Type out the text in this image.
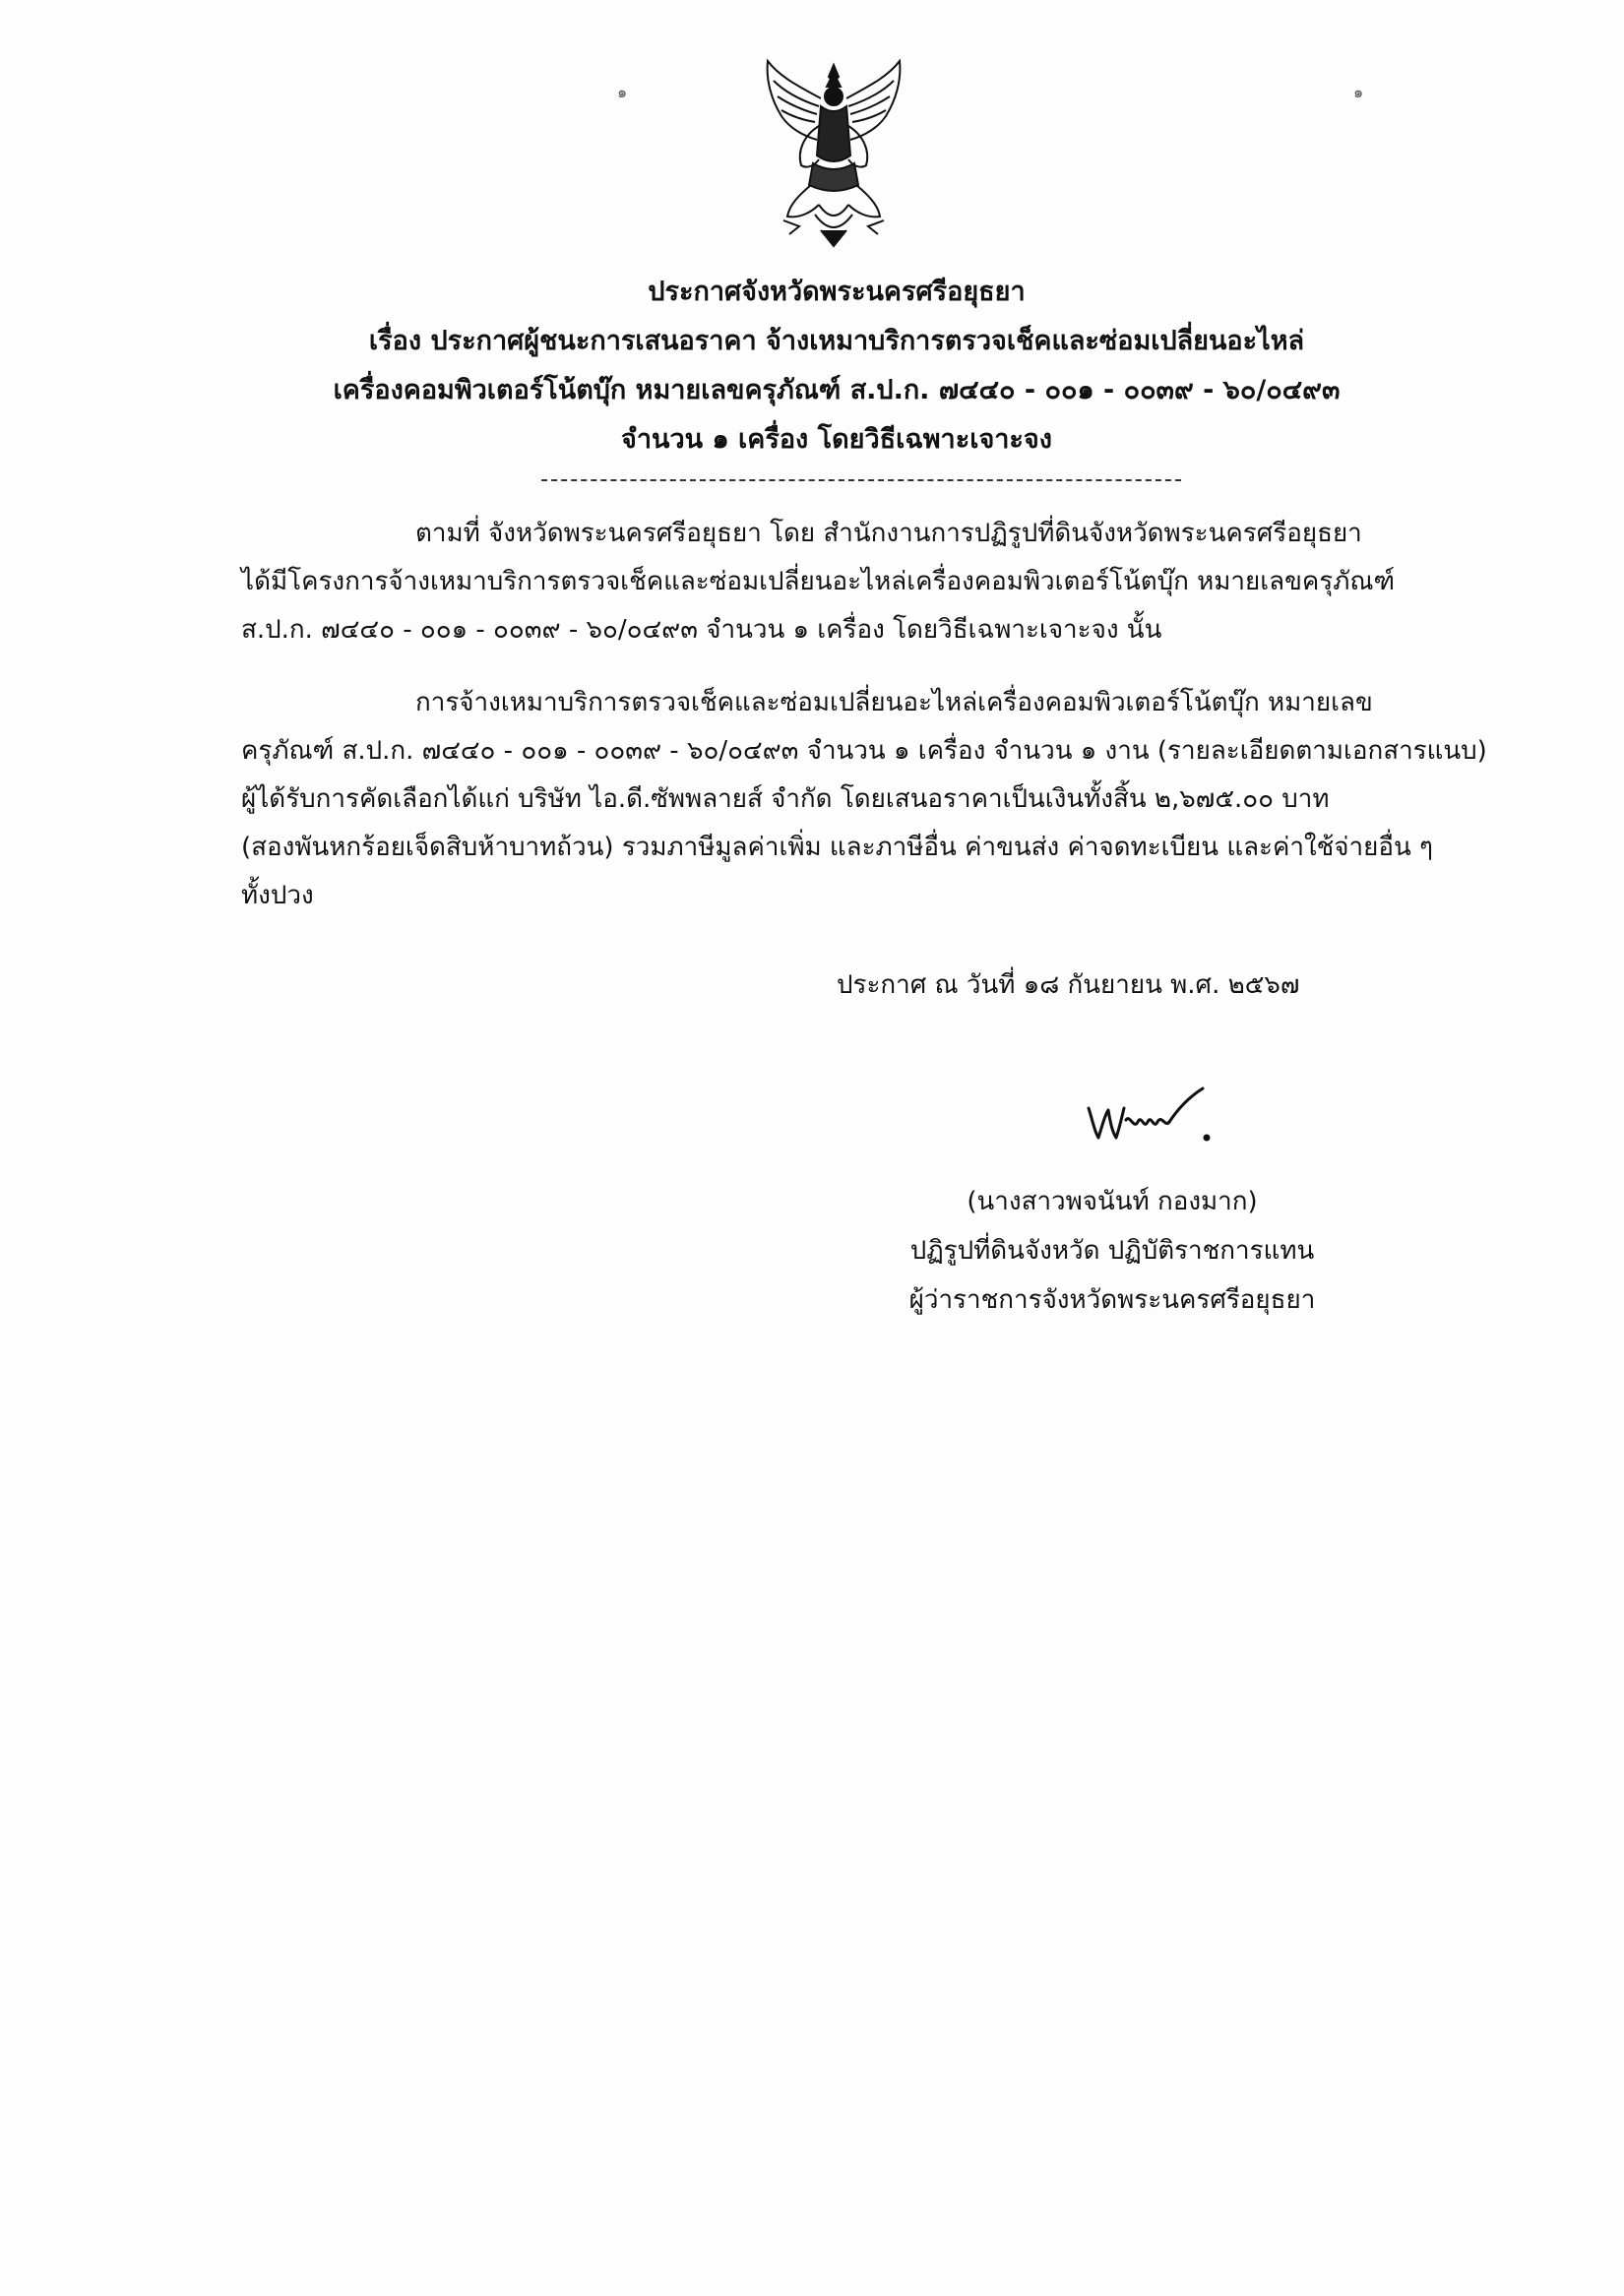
๑	๑
ประกาศจังหวัดพระนครศรีอยุธยา
เรื่อง ประกาศผู้ชนะการเสนอราคา จ้างเหมาบริการตรวจเช็คและซ่อมเปลี่ยนอะไหล่
เครื่องคอมพิวเตอร์โน้ตบุ๊ก หมายเลขครุภัณฑ์ ส.ป.ก. ๗๔๔๐ - ๐๐๑ - ๐๐๓๙ - ๖๐/๐๔๙๓
จำนวน ๑ เครื่อง โดยวิธีเฉพาะเจาะจง
ตามที่ จังหวัดพระนครศรีอยุธยา โดย สำนักงานการปฏิรูปที่ดินจังหวัดพระนครศรีอยุธยา
ได้มีโครงการจ้างเหมาบริการตรวจเช็คและซ่อมเปลี่ยนอะไหล่เครื่องคอมพิวเตอร์โน้ตบุ๊ก หมายเลขครุภัณฑ์
ส.ป.ก. ๗๔๔๐ - ๐๐๑ - ๐๐๓๙ - ๖๐/๐๔๙๓ จำนวน ๑ เครื่อง โดยวิธีเฉพาะเจาะจง นั้น
การจ้างเหมาบริการตรวจเช็คและซ่อมเปลี่ยนอะไหล่เครื่องคอมพิวเตอร์โน้ตบุ๊ก หมายเลข
ครุภัณฑ์ ส.ป.ก. ๗๔๔๐ - ๐๐๑ - ๐๐๓๙ - ๖๐/๐๔๙๓ จำนวน ๑ เครื่อง จำนวน ๑ งาน (รายละเอียดตามเอกสารแนบ)
ผู้ได้รับการคัดเลือกได้แก่ บริษัท ไอ.ดี.ซัพพลายส์ จำกัด โดยเสนอราคาเป็นเงินทั้งสิ้น ๒,๖๗๕.๐๐ บาท
(สองพันหกร้อยเจ็ดสิบห้าบาทถ้วน) รวมภาษีมูลค่าเพิ่ม และภาษีอื่น ค่าขนส่ง ค่าจดทะเบียน และค่าใช้จ่ายอื่น ๆ
ทั้งปวง
ประกาศ ณ วันที่ ๑๘ กันยายน พ.ศ. ๒๕๖๗
(นางสาวพจนันท์ กองมาก)
ปฏิรูปที่ดินจังหวัด ปฏิบัติราชการแทน
ผู้ว่าราชการจังหวัดพระนครศรีอยุธยา
